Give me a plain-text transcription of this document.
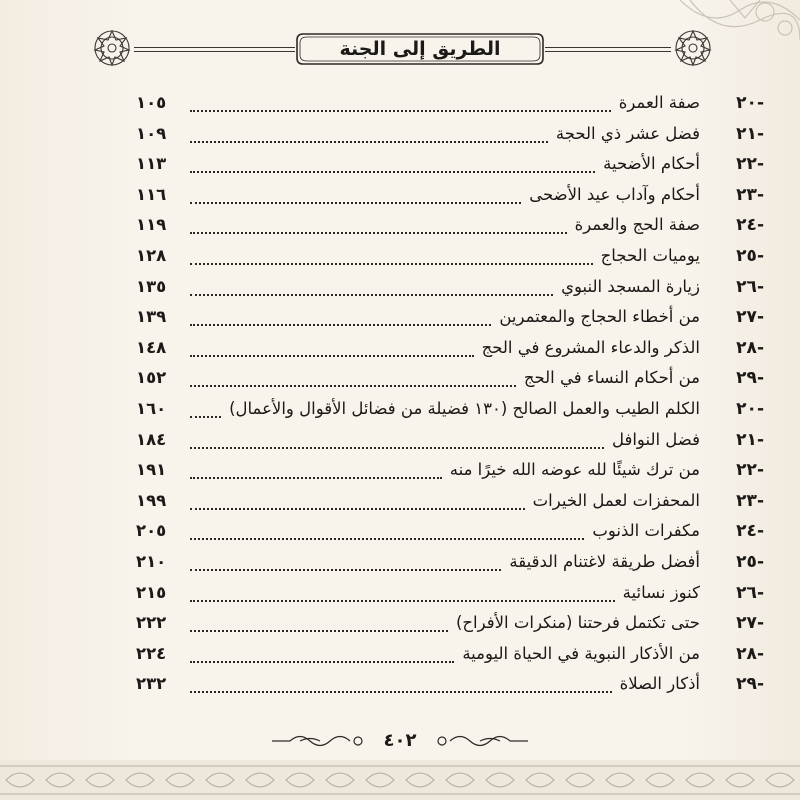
الطريق إلى الجنة
-٢٠
صفة العمرة
١٠٥
-٢١
فضل عشر ذي الحجة
١٠٩
-٢٢
أحكام الأضحية
١١٣
-٢٣
أحكام وآداب عيد الأضحى
١١٦
-٢٤
صفة الحج والعمرة
١١٩
-٢٥
يوميات الحجاج
١٢٨
-٢٦
زيارة المسجد النبوي
١٣٥
-٢٧
من أخطاء الحجاج والمعتمرين
١٣٩
-٢٨
الذكر والدعاء المشروع في الحج
١٤٨
-٢٩
من أحكام النساء في الحج
١٥٢
-٢٠
الكلم الطيب والعمل الصالح (١٣٠ فضيلة من فضائل الأقوال والأعمال)
١٦٠
-٢١
فضل النوافل
١٨٤
-٢٢
من ترك شيئًا لله عوضه الله خيرًا منه
١٩١
-٢٣
المحفزات لعمل الخيرات
١٩٩
-٢٤
مكفرات الذنوب
٢٠٥
-٢٥
أفضل طريقة لاغتنام الدقيقة
٢١٠
-٢٦
كنوز نسائية
٢١٥
-٢٧
حتى تكتمل فرحتنا (منكرات الأفراح)
٢٢٢
-٢٨
من الأذكار النبوية في الحياة اليومية
٢٢٤
-٢٩
أذكار الصلاة
٢٣٢
٤٠٢
